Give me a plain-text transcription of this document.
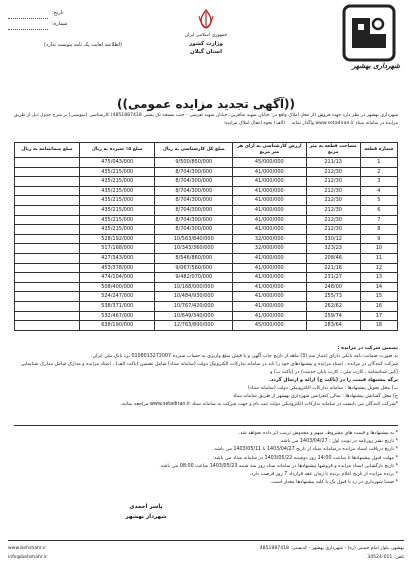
تاریخ:
شماره:
(اطلاعیه لغایت یک نامه پیوست ندارد)
جمهوری اسلامی ایران
وزارت کشور
استان گیلان
شهرداری بهشهر
((آگهی تجدید مزایده عمومی))
شهرداری بهشهر در نظر دارد جهت فروش (از محل املاک واقع در: خیابان شهید ساقرین، خیابان شهید تفرشی - جنب مسجد تک پستی 4851887418) کارشناسی (سوسنی) بر شرح جدول ذیل از طریق مزایده در سامانه ستاد www.setadiran.ir واگذار نماید. (الف) نحوه انتقال املاک مزایده:
شماره قطعه	مساحت قطعه به متر مربع	ارزش کارشناسی به ازای هر متر مربع	مبلغ کل کارشناسی به ریال	مبلغ ۵٪ سپرده به ریال	مبلغ ضمانتنامه به ریال
1	211/13	45/000/000	9/500/850/000	475/043/000	
2	212/30	41/000/000	8/704/300/000	435/215/000	
3	212/30	41/000/000	8/704/300/000	435/215/000	
4	212/30	41/000/000	8/704/300/000	435/215/000	
5	212/30	41/000/000	8/704/300/000	435/215/000	
6	212/30	41/000/000	8/704/300/000	435/215/000	
7	212/30	41/000/000	8/704/300/000	435/215/000	
8	212/30	41/000/000	8/704/300/000	435/215/000	
9	330/12	32/000/000	10/563/840/000	528/192/000	
10	323/23	32/000/000	10/343/360/000	517/168/000	
11	208/46	41/000/000	8/546/860/000	427/343/000	
12	221/16	41/000/000	9/067/560/000	453/378/000	
13	231/27	41/000/000	9/482/070/000	474/104/000	
14	248/00	41/000/000	10/168/000/000	508/400/000	
15	255/73	41/000/000	10/484/930/000	524/247/000	
16	262/62	41/000/000	10/767/420/000	538/371/000	
17	259/74	41/000/000	10/649/340/000	532/467/000	
18	283/64	45/000/000	12/763/800/000	638/190/000	

تضمین شرکت در مزایده :

به صورت ضمانت نامه بانکی دارای اعتبار سه (3) ماهه از تاریخ چاپ آگهی و یا فیش مبلغ واریزی به حساب سپرده 0108013272007 نزد بانک ملی ایران.

شرکت کنندگان در مزایده ، اسناد مزایده و پیشنهادهای خود را باید در سامانه تدارکات الکترونیک دولت (سامانه ستاد) شامل تضمین (پاکت الف) ، اسناد مزایده و مدارک شامل مدارک شناسایی (کپی شناسنامه ، کارت ملی ، کارت پایان خدمت) در (پاکت ب) و

برگه پیشنهاد قیمت را در (پاکت ج) ارائه و ارسال گردد.

ب) محل تحویل پیشنهادها : سامانه تدارکات الکترونیکی دولت (سامانه ستاد)

ج) محل گشایش پیشنهادها : سالن کنفرانس شهرداری بهشهر از طریق سامانه ستاد

*شرکت کنندگان می بایست در سامانه تدارکات الکترونیکی دولت ثبت نام و جهت شرکت به سامانه ستاد www.setadiran.ir مراجعه نمایند.

* به پیشنهادها و قیمت های مشروط، مبهم و مخدوش ترتیب اثر داده نخواهد شد.

* تاریخ نشر روزنامه در نوبت اول : 1403/04/27 می باشد.

* تاریخ دریافت اسناد مزایده درسامانه ستاد از تاریخ 1403/04/27 تا 1403/05/11 می باشد.

* مهلت قبول پیشنهادها تا ساعت 14:00 روز دوشنبه 1403/05/22 در سامانه ستاد می باشد.

* تاریخ بازگشایی اسناد مزایده و فروشها پیشنهادها در سامانه ستاد روز سه شنبه 1403/05/23 ساعت 08:00 می باشد.

* برنده مزایده از تاریخ اعلام برنده تا زمان عقد قرارداد 7 روز فرصت دارد.

* ضمنا شهرداری در رد یا قبول یک یا کلیه پیشنهادها مختار است.

یاسر احمدی
شهردار بهشهر
www.behshahr.ir
info@behshahr.ir
بهشهر، بلوار امام خمینی (ره) - شهرداری بهشهر - کدپستی: 4851887418
تلفن: 011-34524
